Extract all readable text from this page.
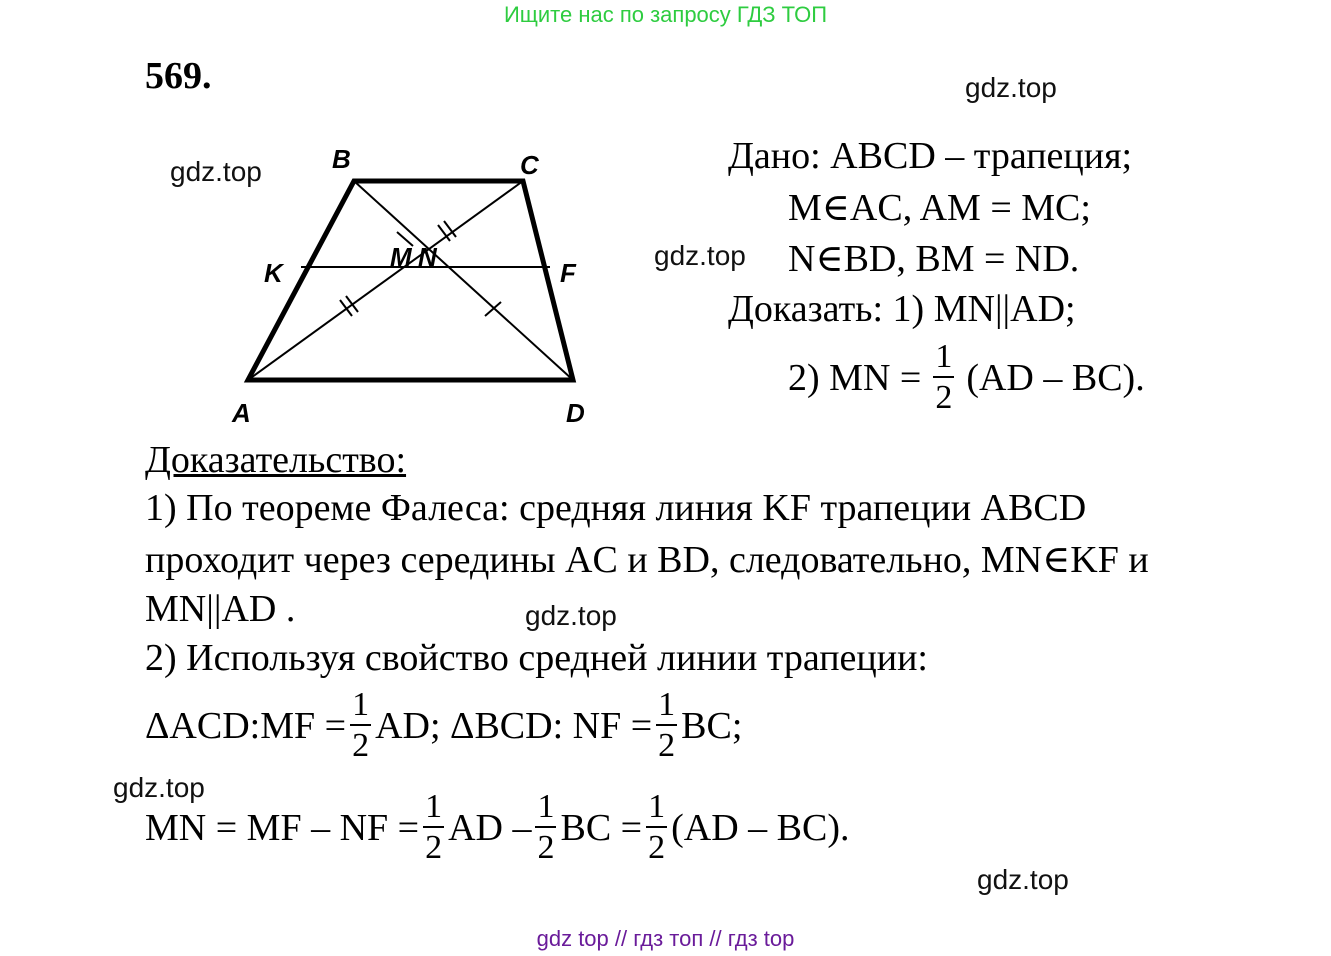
Ищите нас по запросу ГДЗ ТОП
569.	gdz.top
gdz.top
gdz.top
gdz.top
gdz.top
gdz.top
B	C
K	F
M N
A	D
Дано: ABCD – трапеция;
M∈AC, AM = MC;
N∈BD, BM = ND.
Доказать: 1) MN||AD;
2) MN = $\frac{1}{2} (AD - BC)$.
Доказательство:
1) По теореме Фалеса: средняя линия KF трапеции ABCD
проходит через середины AC и BD, следовательно, MN∈KF и
MN||AD .
2) Используя свойство средней линии трапеции:
ΔACD:MF = $\frac{1}{2}$ AD; ΔBCD: NF = $\frac{1}{2}$ BC;
MN = MF – NF = $\frac{1}{2}$ AD – $\frac{1}{2}$ BC = $\frac{1}{2} (AD - BC)$.
gdz top // гдз топ // гдз top
